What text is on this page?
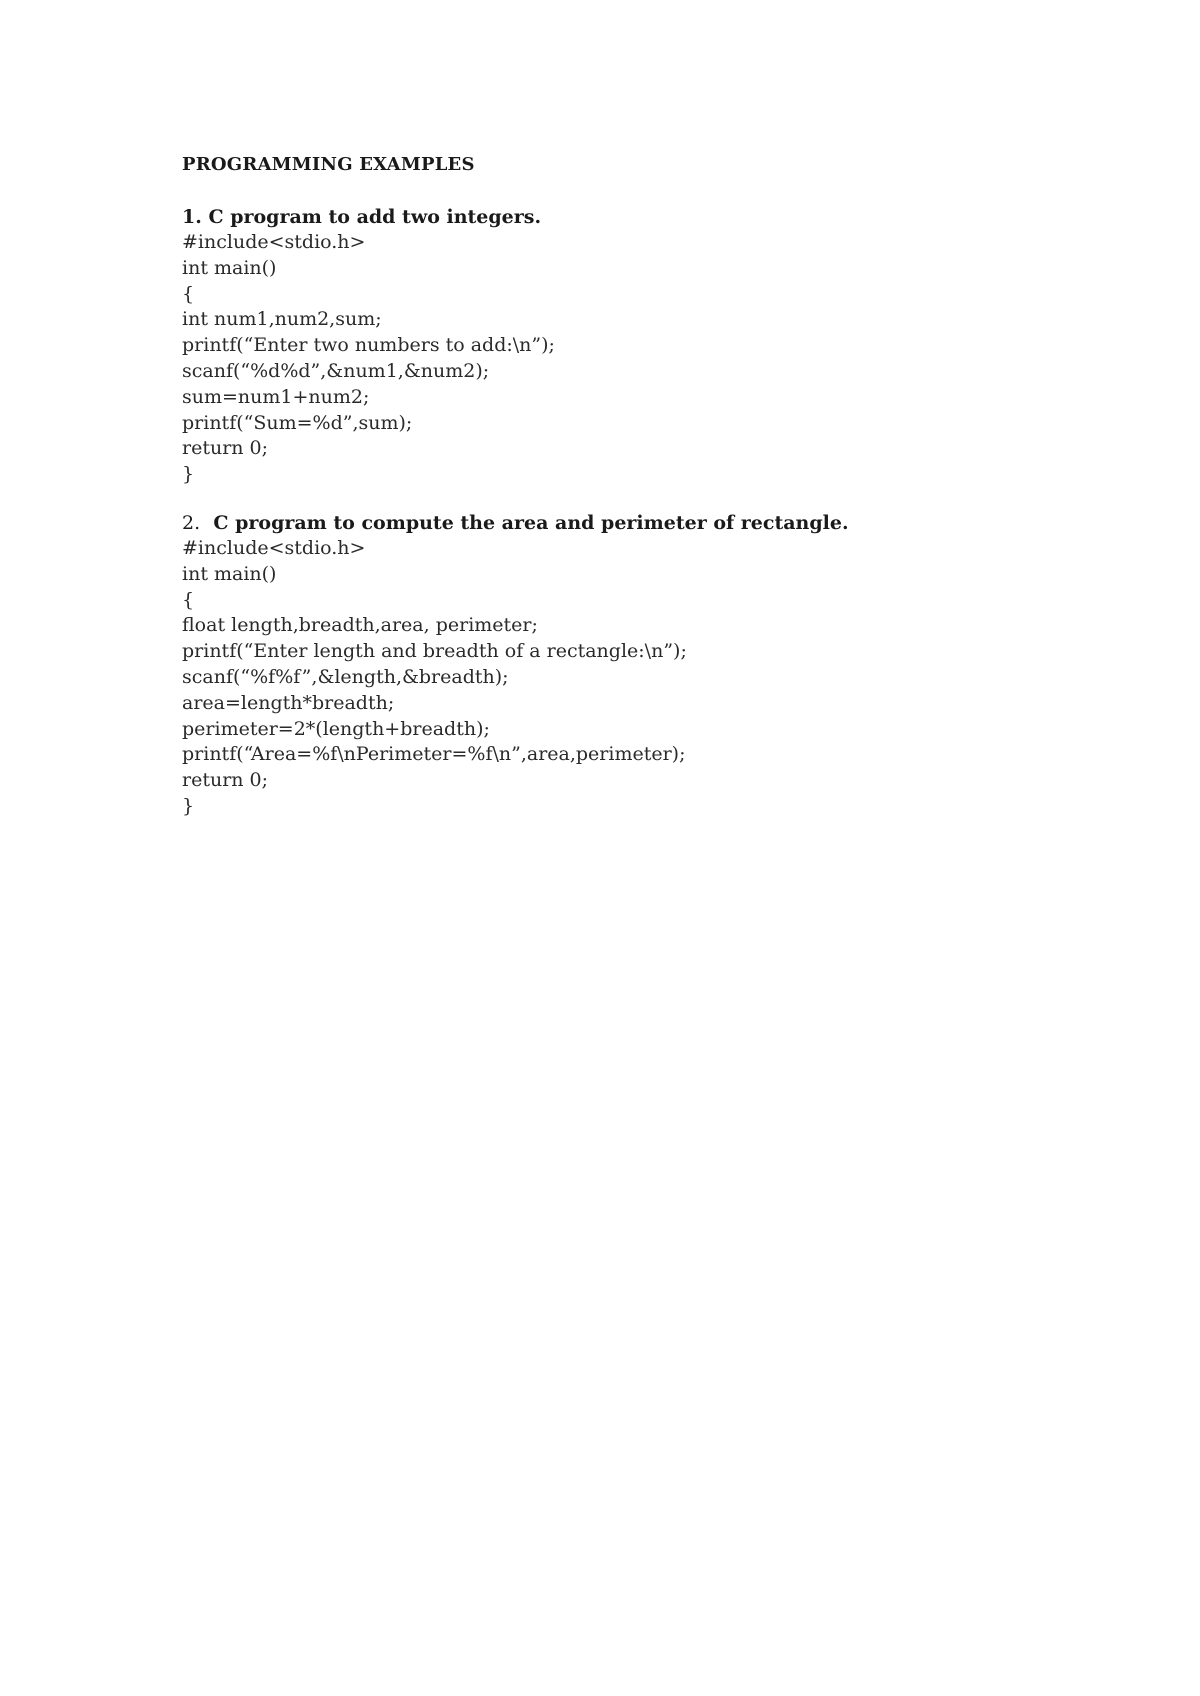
PROGRAMMING EXAMPLES

1. C program to add two integers.

#include<stdio.h>
int main()
{
int num1,num2,sum;
printf(“Enter two numbers to add:\n”);
scanf(“%d%d”,&num1,&num2);
sum=num1+num2;
printf(“Sum=%d”,sum);
return 0;
}

2. C program to compute the area and perimeter of rectangle.

#include<stdio.h>
int main()
{
float length,breadth,area, perimeter;
printf(“Enter length and breadth of a rectangle:\n”);
scanf(“%f%f”,&length,&breadth);
area=length*breadth;
perimeter=2*(length+breadth);
printf(“Area=%f\nPerimeter=%f\n”,area,perimeter);
return 0;
}
